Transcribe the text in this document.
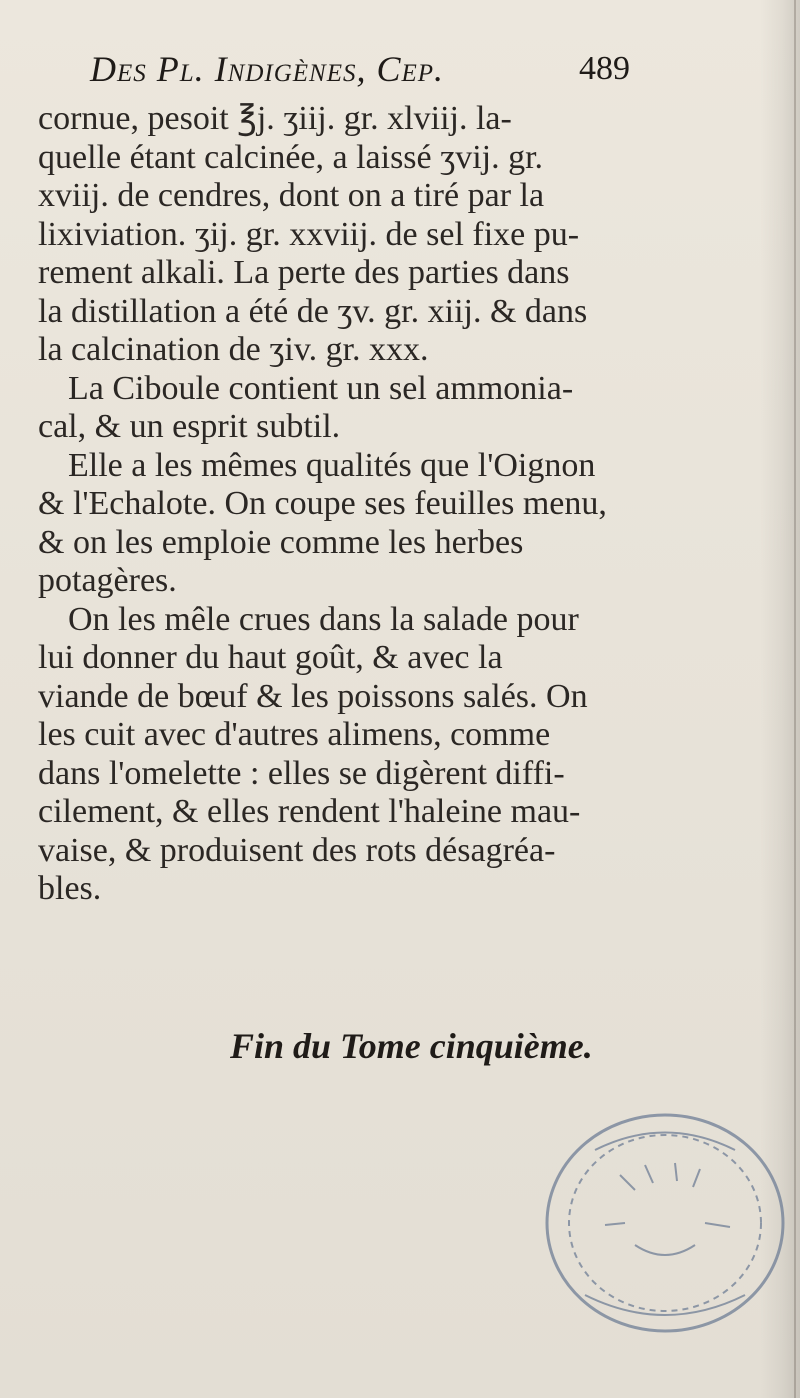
Des Pl. Indigènes, Cep.	489
cornue, pesoit ℥j. ʒiij. gr. xlviij. la-
quelle étant calcinée, a laissé ʒvij. gr.
xviij. de cendres, dont on a tiré par la
lixiviation. ʒij. gr. xxviij. de sel fixe pu-
rement alkali. La perte des parties dans
la distillation a été de ʒv. gr. xiij. & dans
la calcination de ʒiv. gr. xxx.
La Ciboule contient un sel ammonia-
cal, & un esprit subtil.
Elle a les mêmes qualités que l'Oignon
& l'Echalote. On coupe ses feuilles menu,
& on les emploie comme les herbes
potagères.
On les mêle crues dans la salade pour
lui donner du haut goût, & avec la
viande de bœuf & les poissons salés. On
les cuit avec d'autres alimens, comme
dans l'omelette : elles se digèrent diffi-
cilement, & elles rendent l'haleine mau-
vaise, & produisent des rots désagréa-
bles.
Fin du Tome cinquième.
